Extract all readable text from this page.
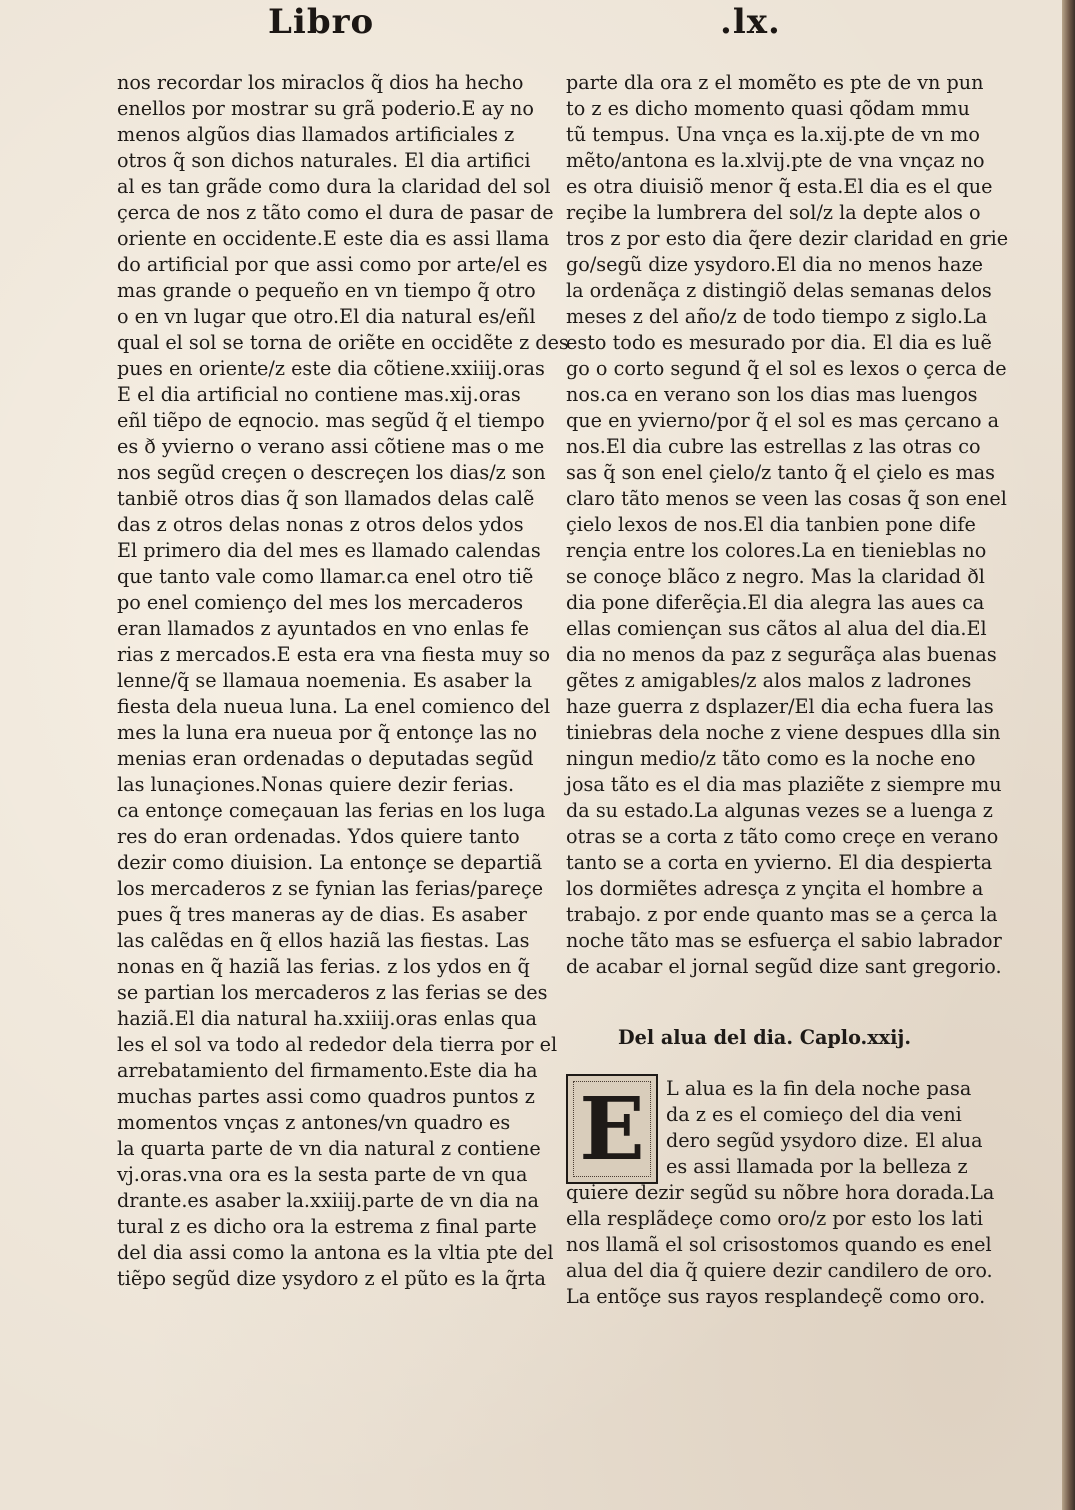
Libro	.lx.
nos recordar los miraclos q̃ dios ha hecho
enellos por mostrar su grã poderio.E ay no
menos algũos dias llamados artificiales z
otros q̃ son dichos naturales. El dia artifici
al es tan grãde como dura la claridad del sol
çerca de nos z tãto como el dura de pasar de
oriente en occidente.E este dia es assi llama
do artificial por que assi como por arte/el es
mas grande o pequeño en vn tiempo q̃ otro
o en vn lugar que otro.El dia natural es/eñl
qual el sol se torna de oriẽte en occidẽte z des
pues en oriente/z este dia cõtiene.xxiiij.oras
E el dia artificial no contiene mas.xij.oras
eñl tiẽpo de eqnocio. mas segũd q̃ el tiempo
es ð yvierno o verano assi cõtiene mas o me
nos segũd creçen o descreçen los dias/z son
tanbiẽ otros dias q̃ son llamados delas calẽ
das z otros delas nonas z otros delos ydos
El primero dia del mes es llamado calendas
que tanto vale como llamar.ca enel otro tiẽ
po enel comienço del mes los mercaderos
eran llamados z ayuntados en vno enlas fe
rias z mercados.E esta era vna fiesta muy so
lenne/q̃ se llamaua noemenia. Es asaber la
fiesta dela nueua luna. La enel comienco del
mes la luna era nueua por q̃ entonçe las no
menias eran ordenadas o deputadas segũd
las lunaçiones.Nonas quiere dezir ferias.
ca entonçe começauan las ferias en los luga
res do eran ordenadas. Ydos quiere tanto
dezir como diuision. La entonçe se departiã
los mercaderos z se fynian las ferias/pareçe
pues q̃ tres maneras ay de dias. Es asaber
las calẽdas en q̃ ellos haziã las fiestas. Las
nonas en q̃ haziã las ferias. z los ydos en q̃
se partian los mercaderos z las ferias se des
haziã.El dia natural ha.xxiiij.oras enlas qua
les el sol va todo al rededor dela tierra por el
arrebatamiento del firmamento.Este dia ha
muchas partes assi como quadros puntos z
momentos vnças z antones/vn quadro es
la quarta parte de vn dia natural z contiene
vj.oras.vna ora es la sesta parte de vn qua
drante.es asaber la.xxiiij.parte de vn dia na
tural z es dicho ora la estrema z final parte
del dia assi como la antona es la vltia pte del
tiẽpo segũd dize ysydoro z el pũto es la q̃rta
parte dla ora z el momẽto es pte de vn pun
to z es dicho momento quasi qõdam mmu
tũ tempus. Una vnça es la.xij.pte de vn mo
mẽto/antona es la.xlvij.pte de vna vnçaz no
es otra diuisiõ menor q̃ esta.El dia es el que
reçibe la lumbrera del sol/z la depte alos o
tros z por esto dia q̃ere dezir claridad en grie
go/segũ dize ysydoro.El dia no menos haze
la ordenãça z distingiõ delas semanas delos
meses z del año/z de todo tiempo z siglo.La
esto todo es mesurado por dia. El dia es luẽ
go o corto segund q̃ el sol es lexos o çerca de
nos.ca en verano son los dias mas luengos
que en yvierno/por q̃ el sol es mas çercano a
nos.El dia cubre las estrellas z las otras co
sas q̃ son enel çielo/z tanto q̃ el çielo es mas
claro tãto menos se veen las cosas q̃ son enel
çielo lexos de nos.El dia tanbien pone dife
rençia entre los colores.La en tienieblas no
se conoçe blãco z negro. Mas la claridad ðl
dia pone diferẽçia.El dia alegra las aues ca
ellas comiençan sus cãtos al alua del dia.El
dia no menos da paz z segurãça alas buenas
gẽtes z amigables/z alos malos z ladrones
haze guerra z dsplazer/El dia echa fuera las
tiniebras dela noche z viene despues dlla sin
ningun medio/z tãto como es la noche eno
josa tãto es el dia mas plaziẽte z siempre mu
da su estado.La algunas vezes se a luenga z
otras se a corta z tãto como creçe en verano
tanto se a corta en yvierno. El dia despierta
los dormiẽtes adresça z ynçita el hombre a
trabajo. z por ende quanto mas se a çerca la
noche tãto mas se esfuerça el sabio labrador
de acabar el jornal segũd dize sant gregorio.
Del alua del dia. Caplo.xxij.
E L alua es la fin dela noche pasa
da z es el comieço del dia veni
dero segũd ysydoro dize. El alua
es assi llamada por la belleza z
quiere dezir segũd su nõbre hora dorada.La
ella resplãdeçe como oro/z por esto los lati
nos llamã el sol crisostomos quando es enel
alua del dia q̃ quiere dezir candilero de oro.
La entõçe sus rayos resplandeçẽ como oro.
